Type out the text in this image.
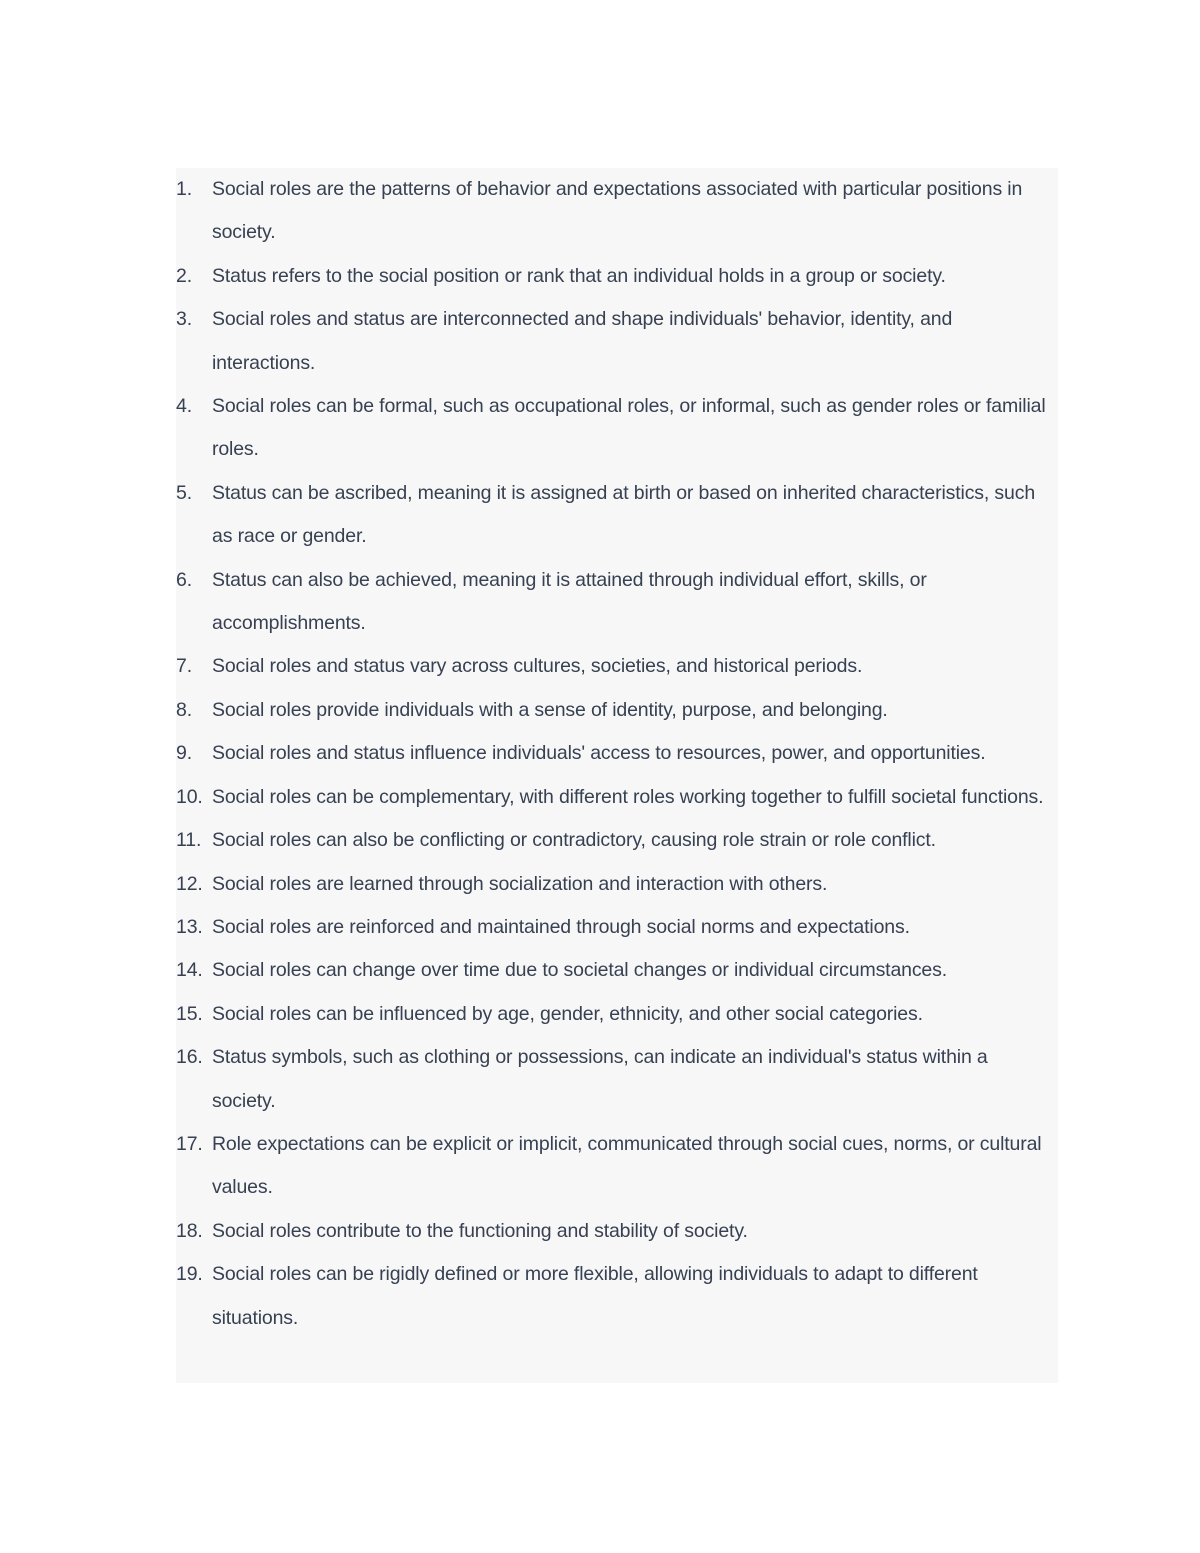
1. Social roles are the patterns of behavior and expectations associated with particular positions in society.
2. Status refers to the social position or rank that an individual holds in a group or society.
3. Social roles and status are interconnected and shape individuals' behavior, identity, and interactions.
4. Social roles can be formal, such as occupational roles, or informal, such as gender roles or familial roles.
5. Status can be ascribed, meaning it is assigned at birth or based on inherited characteristics, such as race or gender.
6. Status can also be achieved, meaning it is attained through individual effort, skills, or accomplishments.
7. Social roles and status vary across cultures, societies, and historical periods.
8. Social roles provide individuals with a sense of identity, purpose, and belonging.
9. Social roles and status influence individuals' access to resources, power, and opportunities.
10. Social roles can be complementary, with different roles working together to fulfill societal functions.
11. Social roles can also be conflicting or contradictory, causing role strain or role conflict.
12. Social roles are learned through socialization and interaction with others.
13. Social roles are reinforced and maintained through social norms and expectations.
14. Social roles can change over time due to societal changes or individual circumstances.
15. Social roles can be influenced by age, gender, ethnicity, and other social categories.
16. Status symbols, such as clothing or possessions, can indicate an individual's status within a society.
17. Role expectations can be explicit or implicit, communicated through social cues, norms, or cultural values.
18. Social roles contribute to the functioning and stability of society.
19. Social roles can be rigidly defined or more flexible, allowing individuals to adapt to different situations.
